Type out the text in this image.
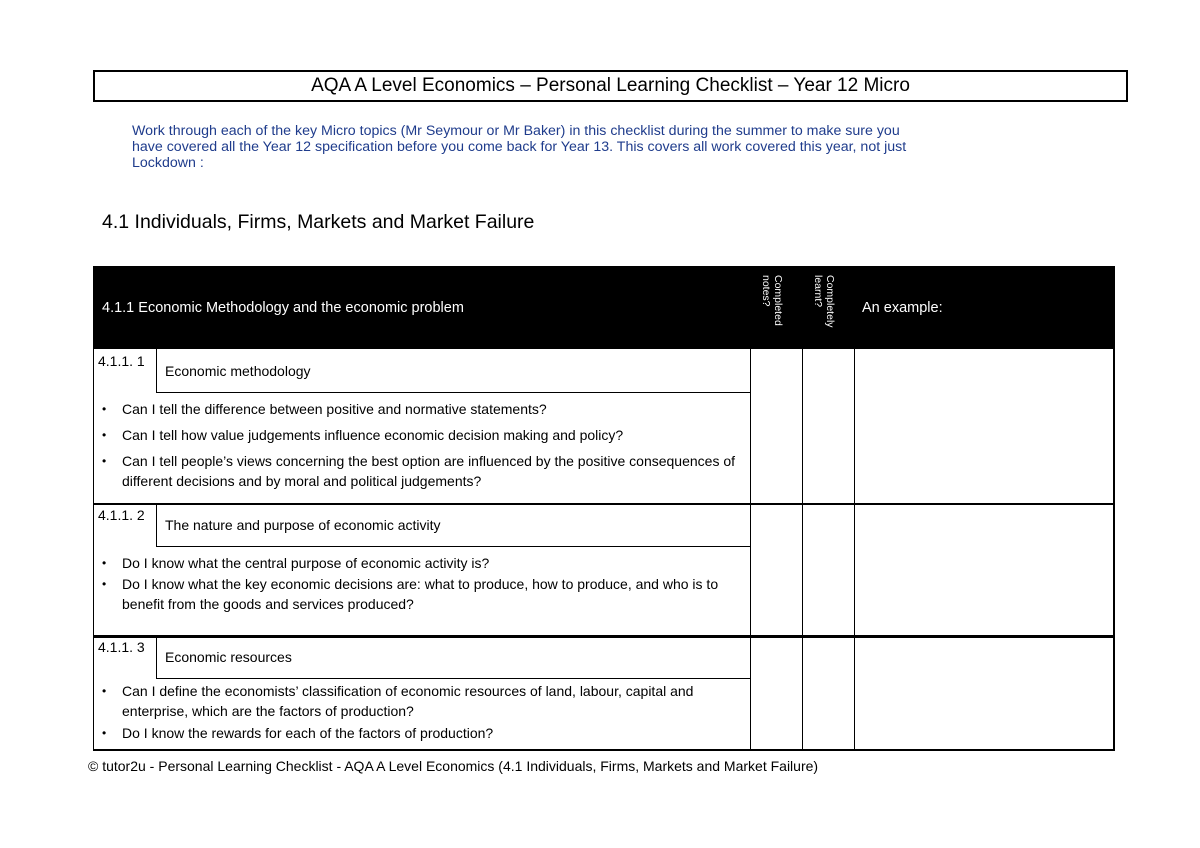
AQA A Level Economics – Personal Learning Checklist – Year 12 Micro
Work through each of the key Micro topics (Mr Seymour or Mr Baker) in this checklist during the summer to make sure you have covered all the Year 12 specification before you come back for Year 13. This covers all work covered this year, not just Lockdown :
4.1 Individuals, Firms, Markets and Market Failure
4.1.1 Economic Methodology and the economic problem	Completed notes?	Completely learnt?
An example:
4.1.1. 1
Economic methodology
• Can I tell the difference between positive and normative statements?
• Can I tell how value judgements influence economic decision making and policy?
• Can I tell people’s views concerning the best option are influenced by the positive consequences of different decisions and by moral and political judgements?
4.1.1. 2
The nature and purpose of economic activity
• Do I know what the central purpose of economic activity is?
• Do I know what the key economic decisions are: what to produce, how to produce, and who is to benefit from the goods and services produced?
4.1.1. 3
Economic resources
• Can I define the economists’ classification of economic resources of land, labour, capital and enterprise, which are the factors of production?
• Do I know the rewards for each of the factors of production?
© tutor2u - Personal Learning Checklist - AQA A Level Economics (4.1 Individuals, Firms, Markets and Market Failure)
